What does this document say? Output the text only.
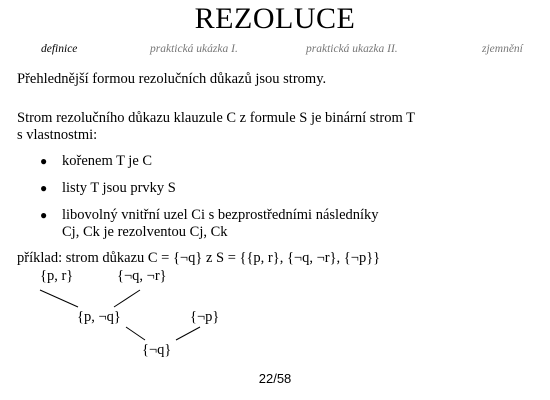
REZOLUCE
definice	praktická ukázka I.	praktická ukazka II.	zjemnění
Přehlednější formou rezolučních důkazů jsou stromy.
Strom rezolučního důkazu klauzule C z formule S je binární strom T
s vlastnostmi:
● kořenem T je C
● listy T jsou prvky S
● libovolný vnitřní uzel Ci s bezprostředními následníky
Cj, Ck je rezolventou Cj, Ck
příklad: strom důkazu C = {¬q} z S = {{p, r}, {¬q, ¬r}, {¬p}}
{p, r}	{¬q, ¬r}
{p, ¬q}	{¬p}
{¬q}
22/58
